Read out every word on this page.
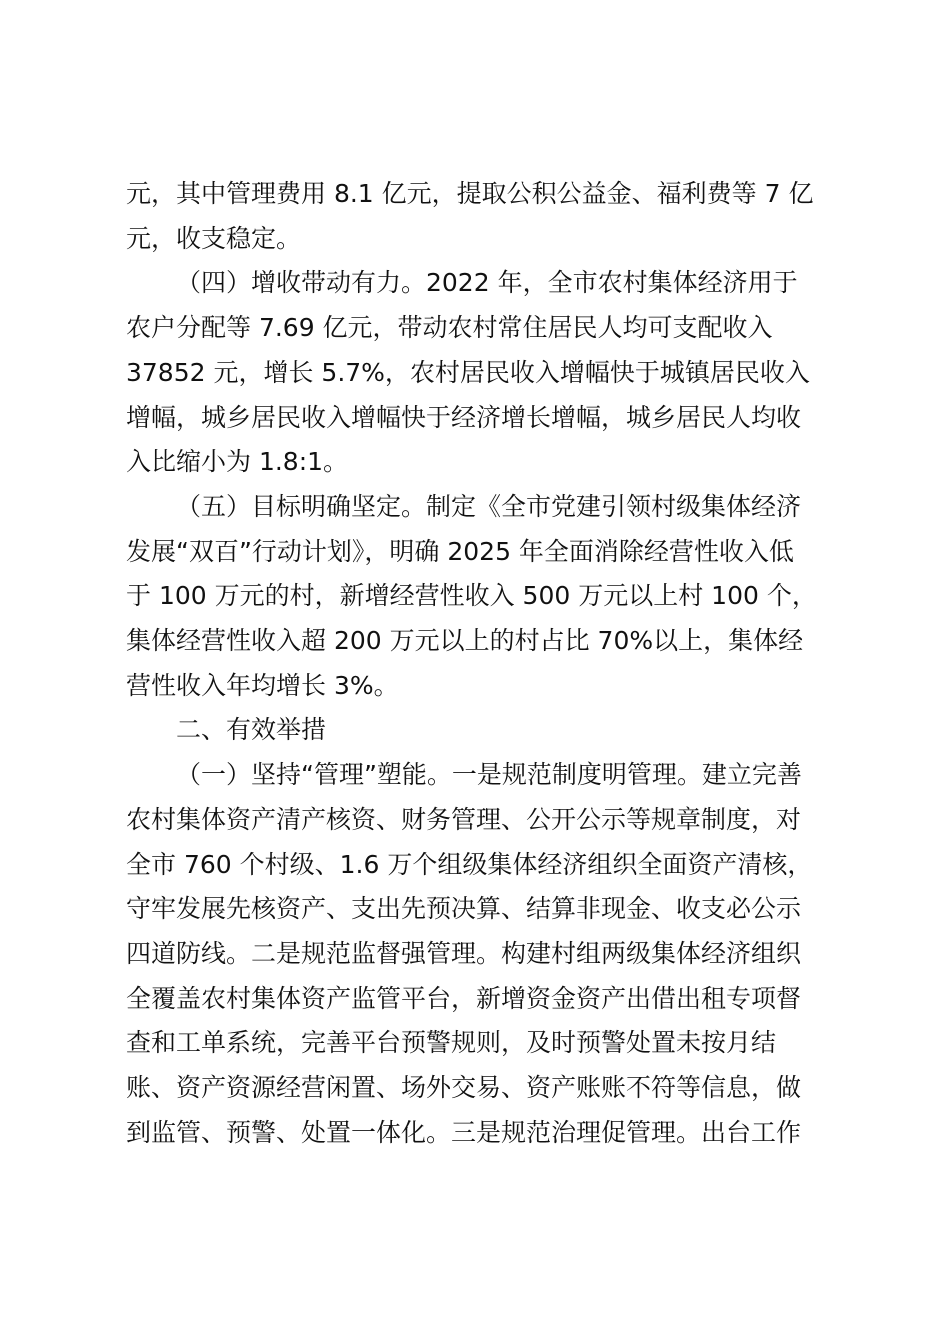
元，其中管理费用 8.1 亿元，提取公积公益金、福利费等 7 亿
元，收支稳定。

（四）增收带动有力。2022 年，全市农村集体经济用于
农户分配等 7.69 亿元，带动农村常住居民人均可支配收入
37852 元，增长 5.7%，农村居民收入增幅快于城镇居民收入
增幅，城乡居民收入增幅快于经济增长增幅，城乡居民人均收
入比缩小为 1.8:1。

（五）目标明确坚定。制定《全市党建引领村级集体经济
发展“双百”行动计划》，明确 2025 年全面消除经营性收入低
于 100 万元的村，新增经营性收入 500 万元以上村 100 个，
集体经营性收入超 200 万元以上的村占比 70%以上，集体经
营性收入年均增长 3%。

二、有效举措

（一）坚持“管理”塑能。一是规范制度明管理。建立完善
农村集体资产清产核资、财务管理、公开公示等规章制度，对
全市 760 个村级、1.6 万个组级集体经济组织全面资产清核，
守牢发展先核资产、支出先预决算、结算非现金、收支必公示
四道防线。二是规范监督强管理。构建村组两级集体经济组织
全覆盖农村集体资产监管平台，新增资金资产出借出租专项督
查和工单系统，完善平台预警规则，及时预警处置未按月结
账、资产资源经营闲置、场外交易、资产账账不符等信息，做
到监管、预警、处置一体化。三是规范治理促管理。出台工作
